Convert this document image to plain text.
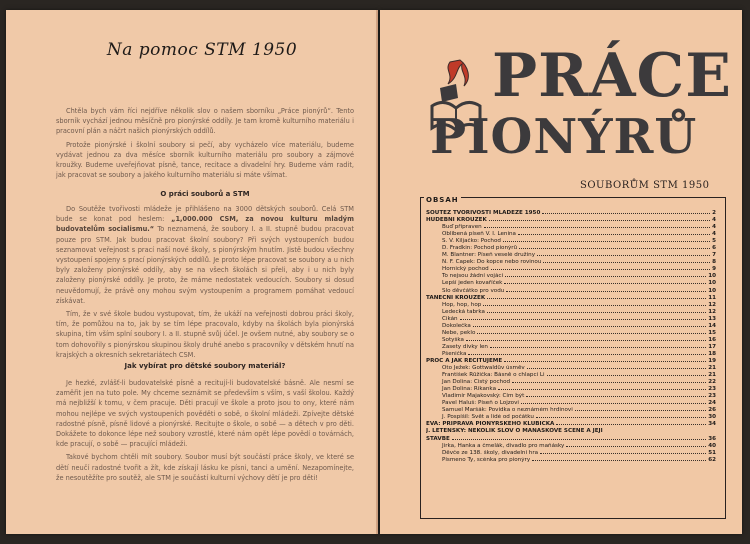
Na pomoc STM 1950

Chtěla bych vám říci nejdříve několik slov o našem sborníku „Práce pionýrů“. Tento sborník vychází jednou měsíčně pro pionýrské oddíly. Je tam kromě kulturního materiálu i pracovní plán a náčrt našich pionýrských oddílů.

Protože pionýrské i školní soubory si pečí, aby vycházelo více materiálu, budeme vydávat jednou za dva měsíce sborník kulturního materiálu pro soubory a zájmové kroužky. Budeme uveřejňovat písně, tance, recitace a divadelní hry. Budeme vám radit, jak pracovat se soubory a jakého kulturního materiálu si máte všímat.

O práci souborů a STM

Do Soutěže tvořivosti mládeže je přihlášeno na 3000 dětských souborů. Celá STM bude se konat pod heslem: „1,000.000 CSM, za novou kulturu mladým budovatelům socialismu.“ To neznamená, že soubory I. a II. stupně budou pracovat pouze pro STM. Jak budou pracovat školní soubory? Při svých vystoupeních budou seznamovat veřejnost s prací naší nové školy, s pionýrským hnutím. Jistě budou všechny vystoupení spojeny s prací pionýrských oddílů. Je proto lépe pracovat se soubory a u nich byly založeny pionýrské oddíly, aby se na všech školách si přeli, aby i u nich byly založeny pionýrské oddíly. Je proto, že máme nedostatek vedoucích. Soubory si dosud neuvědomují, že právě ony mohou svým vystoupením a programem pomáhat vedoucí získávat.

Tím, že v své škole budou vystupovat, tím, že ukáží na veřejnosti dobrou práci školy, tím, že pomůžou na to, jak by se tím lépe pracovalo, kdyby na školách byla pionýrská skupina, tím vším splní soubory I. a II. stupně svůj účel. Je ovšem nutné, aby soubory se o tom dohovořily s pionýrskou skupinou školy druhé anebo s pracovníky v dětském hnutí na krajských a okresních sekretariátech CSM.

Jak vybírat pro dětské soubory materiál?

Je hezké, zvlášť-li budovatelské písně a recitují-li budovatelské básně. Ale nesmí se zaměřit jen na tuto pole. My chceme seznámit se především s vším, s vaší školou. Každý má nejbližší k tomu, v čem pracuje. Děti pracují ve škole a proto jsou to ony, které nám mohou nejlépe ve svých vystoupeních pověděti o sobě, o školní mládeži. Zpívejte dětské radostné písně, písně lidové a pionýrské. Recitujte o škole, o sobě — a dětech v pro děti. Dokážete to dokonce lépe než soubory vzrostlé, které nám opět lépe povědí o továrnách, kde pracují, o sobě — pracující mládeži.

Takové bychom chtěli mít soubory. Soubor musí být součástí práce školy, ve které se dětí neučí radostné tvořit a žít, kde získají lásku ke písni, tanci a umění. Nezapomínejte, že nesoutěžíte pro soutěž, ale STM je součástí kulturní výchovy dětí je pro děti!

PRÁCE
PIONÝRŮ
SOUBORŮM STM 1950
OBSAH
SOUTĚŽ TVOŘIVOSTI MLÁDEŽE 1950	2
HUDEBNÍ KROUŽEK	4
Buď připraven	4
Oblíbená píseň V. I. Lenina	4
S. V. Kiljačko: Pochod	5
D. Fradkin: Pochod pionýrů	6
M. Blantner: Píseň veselé družiny	7
N. F. Čapek: Do kopce nebo rovinou	8
Hornický pochod	9
To nejsou žádní vojáci	10
Lepší jeden kovaříček	10
Šlo děvčátko pro vodu	10
TANEČNÍ KROUŽEK	11
Hop, hop, hop	12
Ledecká tabrka	12
Cikán	13
Dokolečka	14
Nebe, peklo	15
Šotyška	16
Zasety dívky len	17
Pšenička	18
PROČ A JAK RECITUJEME	19
Oto Ježek: Gottwaldův úsměv	21
František Růžička: Básně o chlapci Li	21
Jan Dolina: Čistý pochod	22
Jan Dolina: Říkanka	23
Vladimír Majakovský: Čím být	23
Pavel Haluš: Píseň o Lojzovi	24
Samuel Maršák: Povídka o neznámém hrdinovi	26
J. Pospíšil: Svět a lidé od počátku	30
EVA: PŘÍPRAVA PIONÝRSKÉHO KLUBÍČKA	34
J. LETENSKÝ: NĚKOLIK SLOV O MAŇÁSKOVÉ SCÉNĚ A JEJÍ
STAVBĚ	36
Jirka, Hanka a čmelák, divadlo pro maňásky	40
Děvče ze 138. školy, divadelní hra	51
Písmeno Ty, scénka pro pionýry	62
